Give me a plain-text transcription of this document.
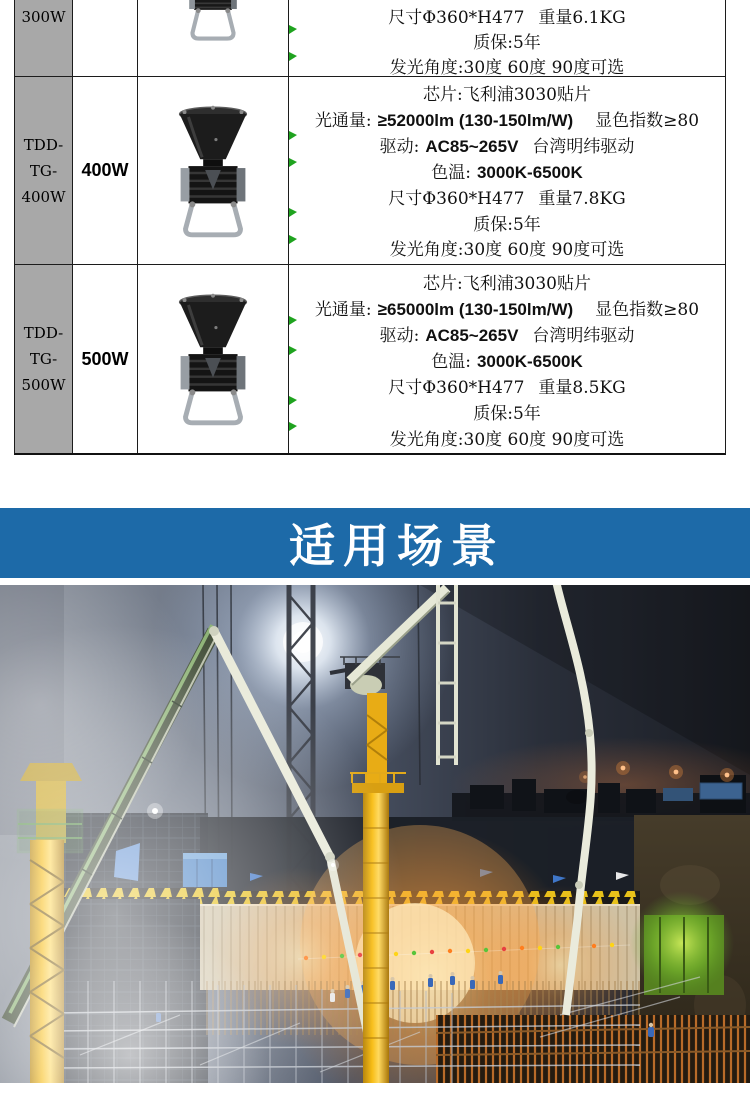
300W	尺寸Φ360*H477 重量6.1KG
质保:5年
发光角度:30度 60度 90度可选
TDD-
TG-
400W
400W
芯片:飞利浦3030贴片
光通量: ≥52000lm (130-150lm/W) 显色指数≥80
驱动: AC85~265V 台湾明纬驱动
色温: 3000K-6500K
尺寸Φ360*H477 重量7.8KG
质保:5年
发光角度:30度 60度 90度可选
TDD-
TG-
500W
500W
芯片:飞利浦3030贴片
光通量: ≥65000lm (130-150lm/W) 显色指数≥80
驱动: AC85~265V 台湾明纬驱动
色温: 3000K-6500K
尺寸Φ360*H477 重量8.5KG
质保:5年
发光角度:30度 60度 90度可选
适用场景
